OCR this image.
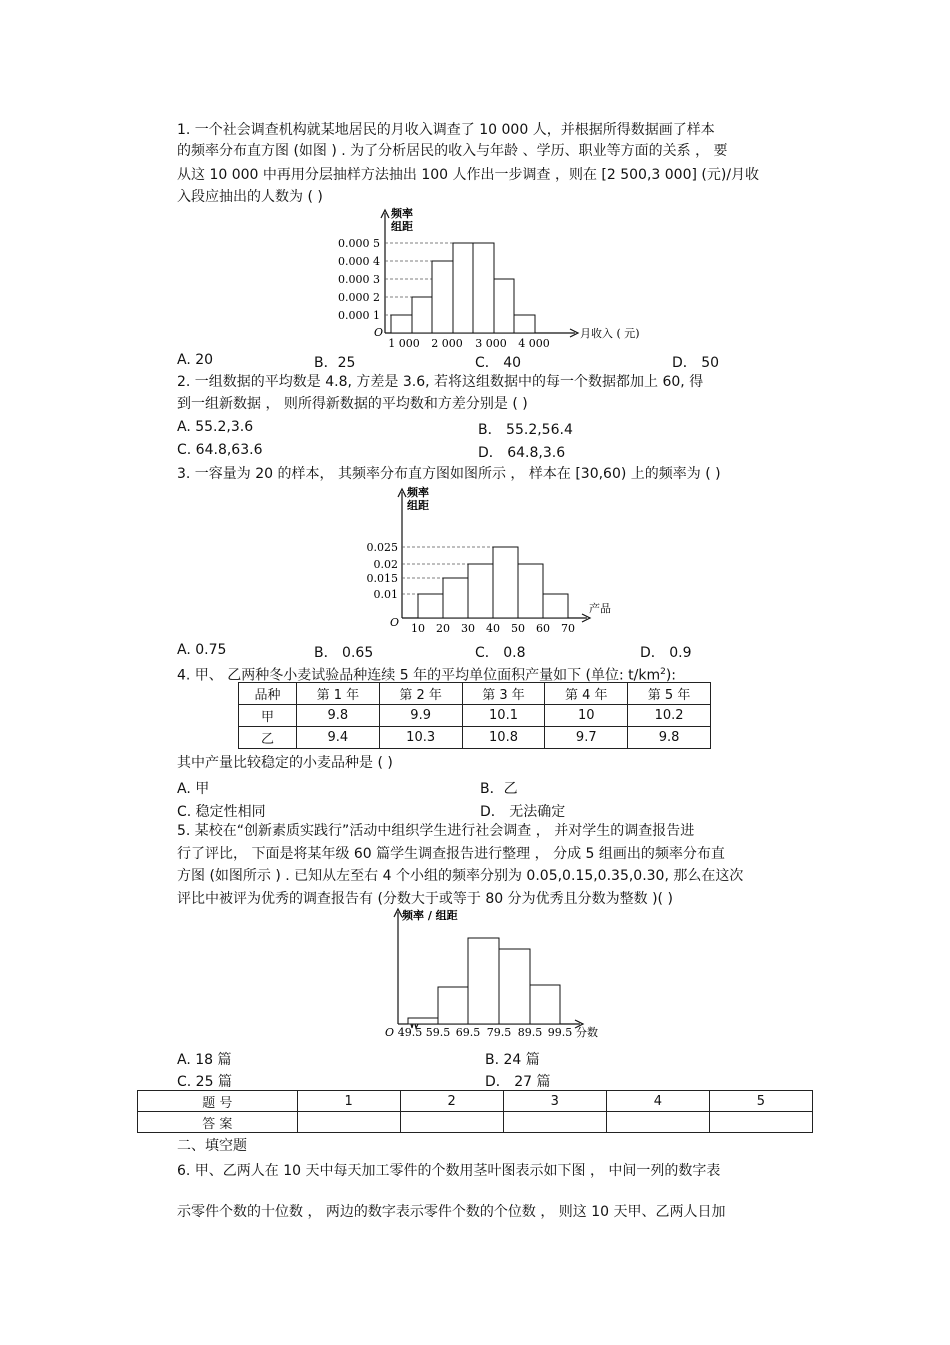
1. 一个社会调查机构就某地居民的月收入调查了 10 000 人，并根据所得数据画了样本
的频率分布直方图 (如图 ) . 为了分析居民的收入与年龄 、学历、职业等方面的关系 ， 要
从这 10 000 中再用分层抽样方法抽出 100 人作出一步调查 ，则在 [2 500,3 000] (元)/月收
入段应抽出的人数为 ( )
频率
组距
0.000 5
0.000 4
0.000 3
0.000 2
0.000 1
O
1 000 2 000 3 000 4 000
月收入 ( 元)
A. 20	B．25	C． 40	D． 50
2. 一组数据的平均数是 4.8, 方差是 3.6, 若将这组数据中的每一个数据都加上 60, 得
到一组新数据 ， 则所得新数据的平均数和方差分别是 ( )
A. 55.2,3.6	B． 55.2,56.4
C. 64.8,63.6	D． 64.8,3.6
3. 一容量为 20 的样本， 其频率分布直方图如图所示 ， 样本在 [30,60) 上的频率为 ( )
频率
组距
0.025
0.02
0.015
0.01
O 10 20 30 40 50 60 70
产品
A. 0.75	B． 0.65	C． 0.8	D． 0.9
4. 甲、 乙两种冬小麦试验品种连续 5 年的平均单位面积产量如下 (单位: $t/km^2$):
品种	第 1 年	第 2 年	第 3 年	第 4 年	第 5 年
甲	9.8	9.9	10.1	10	10.2
乙	9.4	10.3	10.8	9.7	9.8
其中产量比较稳定的小麦品种是 ( )
A. 甲	B．乙
C. 稳定性相同	D． 无法确定
5. 某校在“创新素质实践行”活动中组织学生进行社会调查 ， 并对学生的调查报告进
行了评比， 下面是将某年级 60 篇学生调查报告进行整理 ， 分成 5 组画出的频率分布直
方图 (如图所示 ) . 已知从左至右 4 个小组的频率分别为 0.05,0.15,0.35,0.30, 那么在这次
评比中被评为优秀的调查报告有 (分数大于或等于 80 分为优秀且分数为整数 )( )
频率 / 组距
O 49.5 59.5 69.5 79.5 89.5 99.5 分数
A. 18 篇	B. 24 篇
C. 25 篇	D． 27 篇
题 号	1	2	3	4	5
答 案					
二、填空题
6. 甲、乙两人在 10 天中每天加工零件的个数用茎叶图表示如下图 ， 中间一列的数字表
示零件个数的十位数 ， 两边的数字表示零件个数的个位数 ， 则这 10 天甲、乙两人日加
